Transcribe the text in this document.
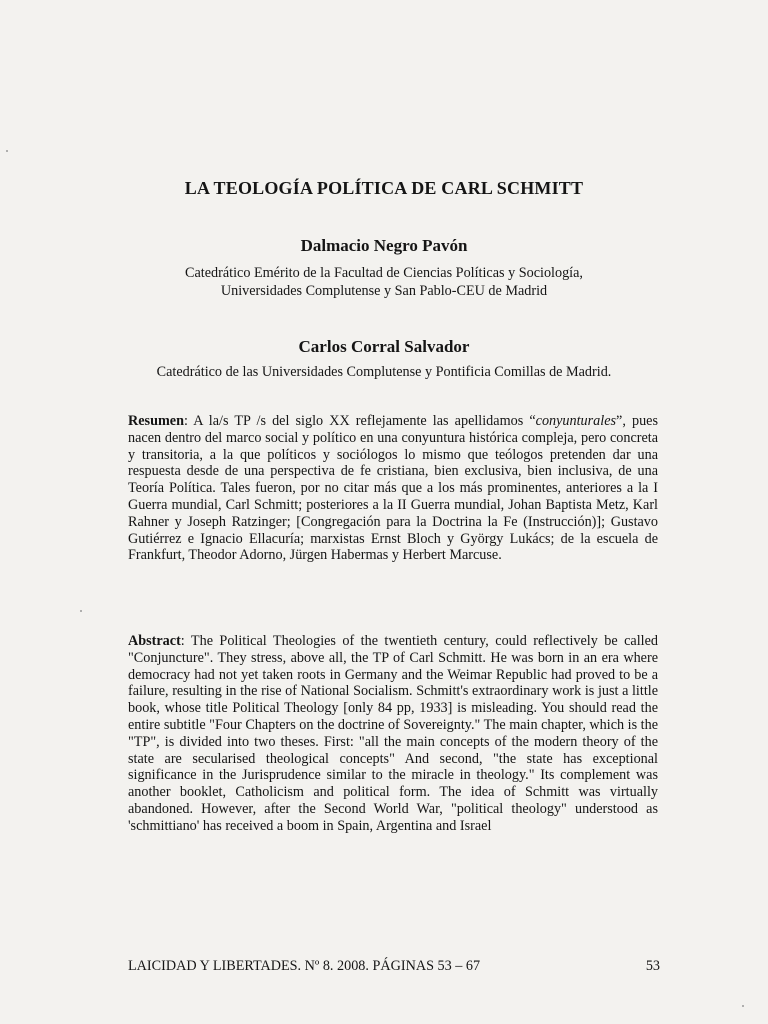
LA TEOLOGÍA POLÍTICA DE CARL SCHMITT
Dalmacio Negro Pavón
Catedrático Emérito de la Facultad de Ciencias Políticas y Sociología,
Universidades Complutense y San Pablo-CEU de Madrid
Carlos Corral Salvador
Catedrático de las Universidades Complutense y Pontificia Comillas de Madrid.
Resumen: A la/s TP /s del siglo XX reflejamente las apellidamos “conyunturales”, pues nacen dentro del marco social y político en una conyuntura histórica compleja, pero concreta y transitoria, a la que políticos y sociólogos lo mismo que teólogos pretenden dar una respuesta desde de una perspectiva de fe cristiana, bien exclusiva, bien inclusiva, de una Teoría Política. Tales fueron, por no citar más que a los más prominentes, anteriores a la I Guerra mundial, Carl Schmitt; posteriores a la II Guerra mundial, Johan Baptista Metz, Karl Rahner y Joseph Ratzinger; [Congregación para la Doctrina la Fe (Instrucción)]; Gustavo Gutiérrez e Ignacio Ellacuría; marxistas Ernst Bloch y György Lukács; de la escuela de Frankfurt, Theodor Adorno, Jürgen Habermas y Herbert Marcuse.
Abstract: The Political Theologies of the twentieth century, could reflectively be called "Conjuncture". They stress, above all, the TP of Carl Schmitt. He was born in an era where democracy had not yet taken roots in Germany and the Weimar Republic had proved to be a failure, resulting in the rise of National Socialism. Schmitt's extraordinary work is just a little book, whose title Political Theology [only 84 pp, 1933] is misleading. You should read the entire subtitle "Four Chapters on the doctrine of Sovereignty." The main chapter, which is the "TP", is divided into two theses. First: "all the main concepts of the modern theory of the state are secularised theological concepts" And second, "the state has exceptional significance in the Jurisprudence similar to the miracle in theology." Its complement was another booklet, Catholicism and political form. The idea of Schmitt was virtually abandoned. However, after the Second World War, "political theology" understood as 'schmittiano' has received a boom in Spain, Argentina and Israel
LAICIDAD Y LIBERTADES. Nº 8. 2008. PÁGINAS 53 – 67	53
